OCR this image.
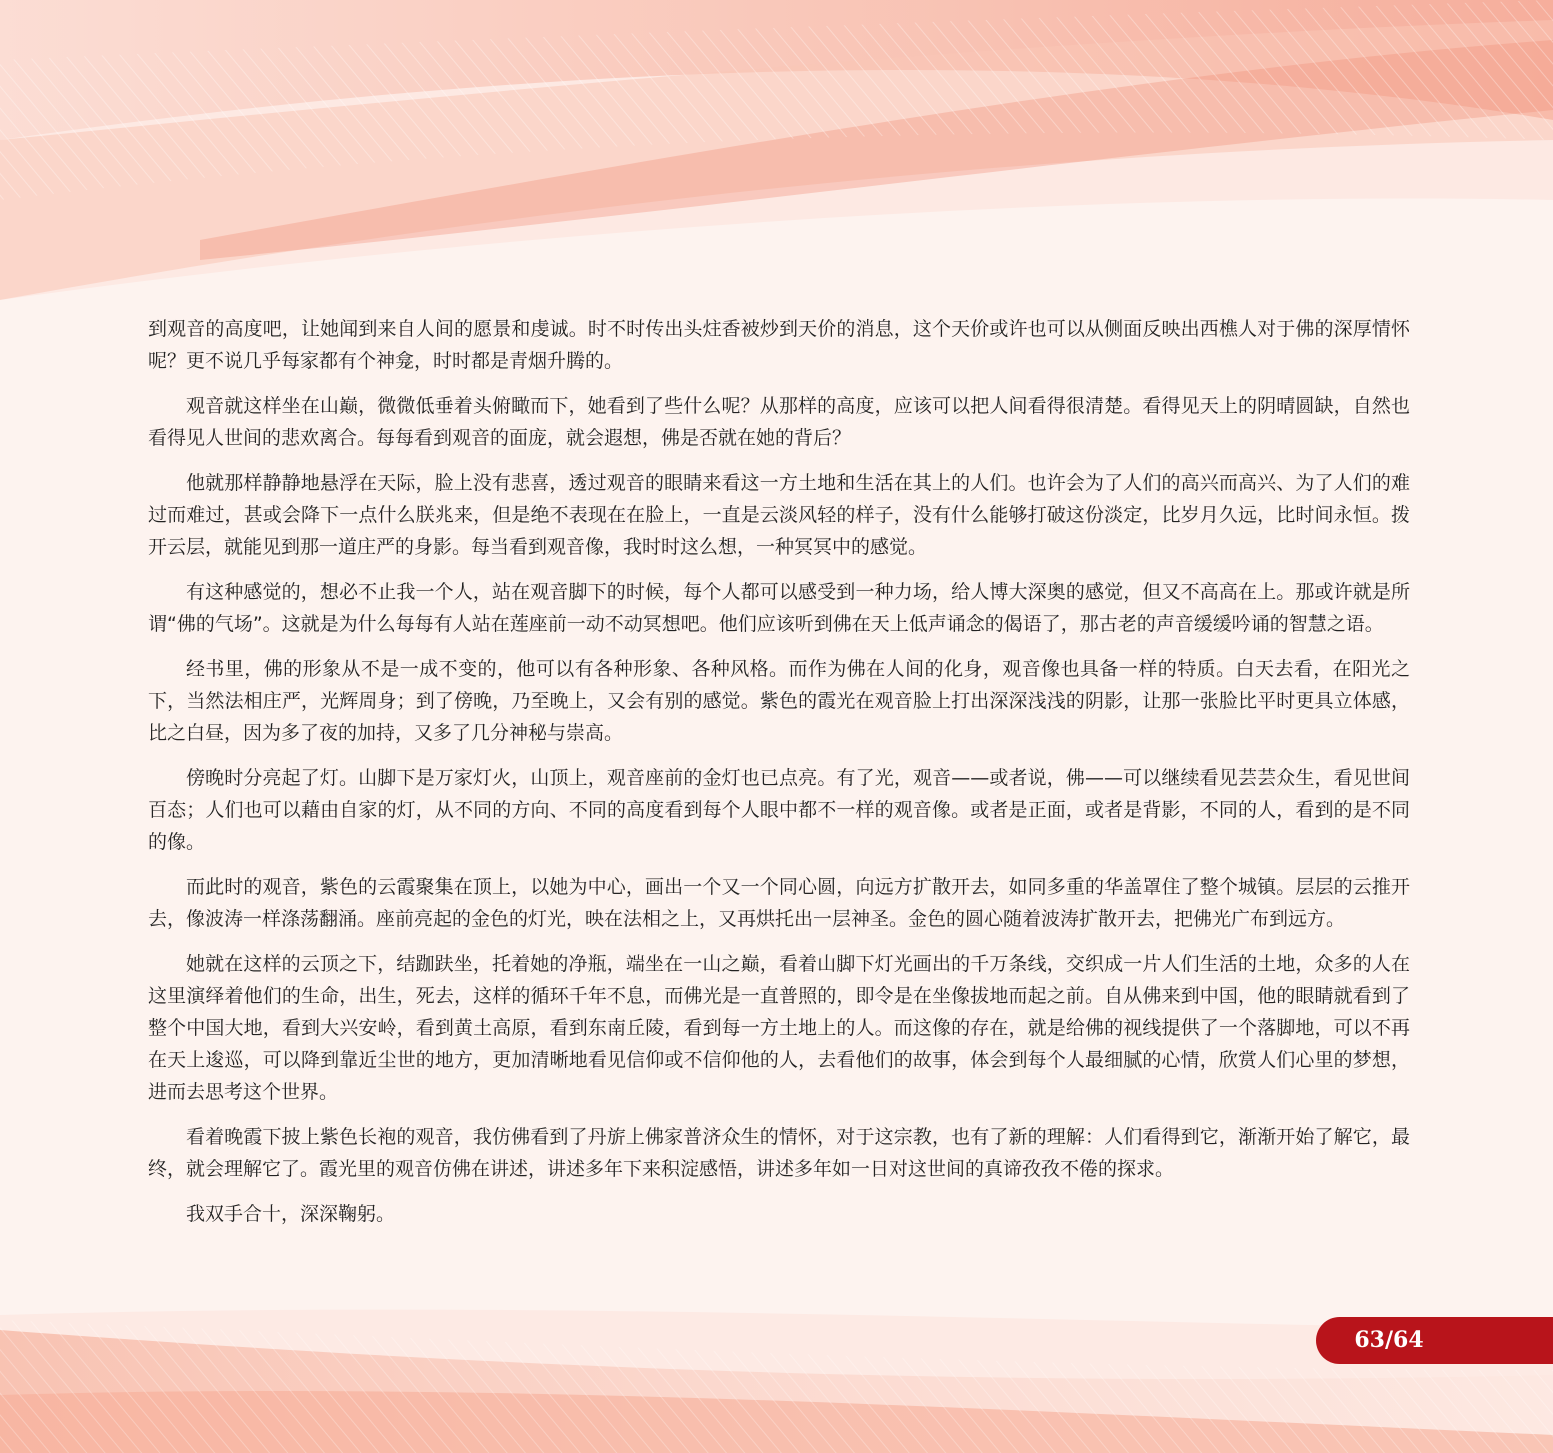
到观音的高度吧，让她闻到来自人间的愿景和虔诚。时不时传出头炷香被炒到天价的消息，这个天价或许也可以从侧面反映出西樵人对于佛的深厚情怀呢？更不说几乎每家都有个神龛，时时都是青烟升腾的。

观音就这样坐在山巅，微微低垂着头俯瞰而下，她看到了些什么呢？从那样的高度，应该可以把人间看得很清楚。看得见天上的阴晴圆缺，自然也看得见人世间的悲欢离合。每每看到观音的面庞，就会遐想，佛是否就在她的背后？

他就那样静静地悬浮在天际，脸上没有悲喜，透过观音的眼睛来看这一方土地和生活在其上的人们。也许会为了人们的高兴而高兴、为了人们的难过而难过，甚或会降下一点什么朕兆来，但是绝不表现在在脸上，一直是云淡风轻的样子，没有什么能够打破这份淡定，比岁月久远，比时间永恒。拨开云层，就能见到那一道庄严的身影。每当看到观音像，我时时这么想，一种冥冥中的感觉。

有这种感觉的，想必不止我一个人，站在观音脚下的时候，每个人都可以感受到一种力场，给人博大深奥的感觉，但又不高高在上。那或许就是所谓“佛的气场”。这就是为什么每每有人站在莲座前一动不动冥想吧。他们应该听到佛在天上低声诵念的偈语了，那古老的声音缓缓吟诵的智慧之语。

经书里，佛的形象从不是一成不变的，他可以有各种形象、各种风格。而作为佛在人间的化身，观音像也具备一样的特质。白天去看，在阳光之下，当然法相庄严，光辉周身；到了傍晚，乃至晚上，又会有别的感觉。紫色的霞光在观音脸上打出深深浅浅的阴影，让那一张脸比平时更具立体感，比之白昼，因为多了夜的加持，又多了几分神秘与崇高。

傍晚时分亮起了灯。山脚下是万家灯火，山顶上，观音座前的金灯也已点亮。有了光，观音——或者说，佛——可以继续看见芸芸众生，看见世间百态；人们也可以藉由自家的灯，从不同的方向、不同的高度看到每个人眼中都不一样的观音像。或者是正面，或者是背影，不同的人，看到的是不同的像。

而此时的观音，紫色的云霞聚集在顶上，以她为中心，画出一个又一个同心圆，向远方扩散开去，如同多重的华盖罩住了整个城镇。层层的云推开去，像波涛一样涤荡翻涌。座前亮起的金色的灯光，映在法相之上，又再烘托出一层神圣。金色的圆心随着波涛扩散开去，把佛光广布到远方。

她就在这样的云顶之下，结跏趺坐，托着她的净瓶，端坐在一山之巅，看着山脚下灯光画出的千万条线，交织成一片人们生活的土地，众多的人在这里演绎着他们的生命，出生，死去，这样的循环千年不息，而佛光是一直普照的，即令是在坐像拔地而起之前。自从佛来到中国，他的眼睛就看到了整个中国大地，看到大兴安岭，看到黄土高原，看到东南丘陵，看到每一方土地上的人。而这像的存在，就是给佛的视线提供了一个落脚地，可以不再在天上逡巡，可以降到靠近尘世的地方，更加清晰地看见信仰或不信仰他的人，去看他们的故事，体会到每个人最细腻的心情，欣赏人们心里的梦想，进而去思考这个世界。

看着晚霞下披上紫色长袍的观音，我仿佛看到了丹旂上佛家普济众生的情怀，对于这宗教，也有了新的理解：人们看得到它，渐渐开始了解它，最终，就会理解它了。霞光里的观音仿佛在讲述，讲述多年下来积淀感悟，讲述多年如一日对这世间的真谛孜孜不倦的探求。

我双手合十，深深鞠躬。

63/64
